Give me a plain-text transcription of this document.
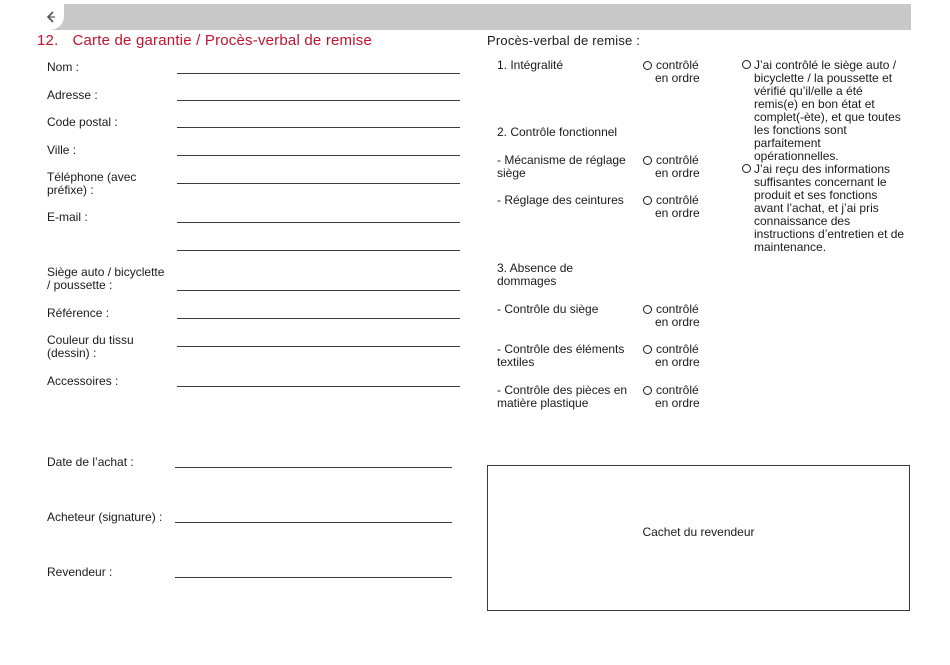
12. Carte de garantie / Procès-verbal de remise
Nom :
Adresse :
Code postal :
Ville :
Téléphone (avec
préfixe) :
E-mail :
Siège auto / bicyclette
/ poussette :
Référence :
Couleur du tissu
(dessin) :
Accessoires :
Date de l’achat :
Acheteur (signature) :
Revendeur :
Procès-verbal de remise :
1. Intégralité	contrôlé
en ordre
2. Contrôle fonctionnel
- Mécanisme de réglage siège
contrôlé
en ordre
- Réglage des ceintures	contrôlé
en ordre
3. Absence de dommages
- Contrôle du siège	contrôlé
en ordre
- Contrôle des éléments textiles
contrôlé
en ordre
- Contrôle des pièces en matière plastique
contrôlé
en ordre
J’ai contrôlé le siège auto / bicyclette / la poussette et vérifié qu’il/elle a été remis(e) en bon état et complet(-ète), et que toutes les fonctions sont parfaitement opérationnelles.
J’ai reçu des informations suffisantes concernant le produit et ses fonctions avant l’achat, et j’ai pris connaissance des instructions d’entretien et de maintenance.
Cachet du revendeur
